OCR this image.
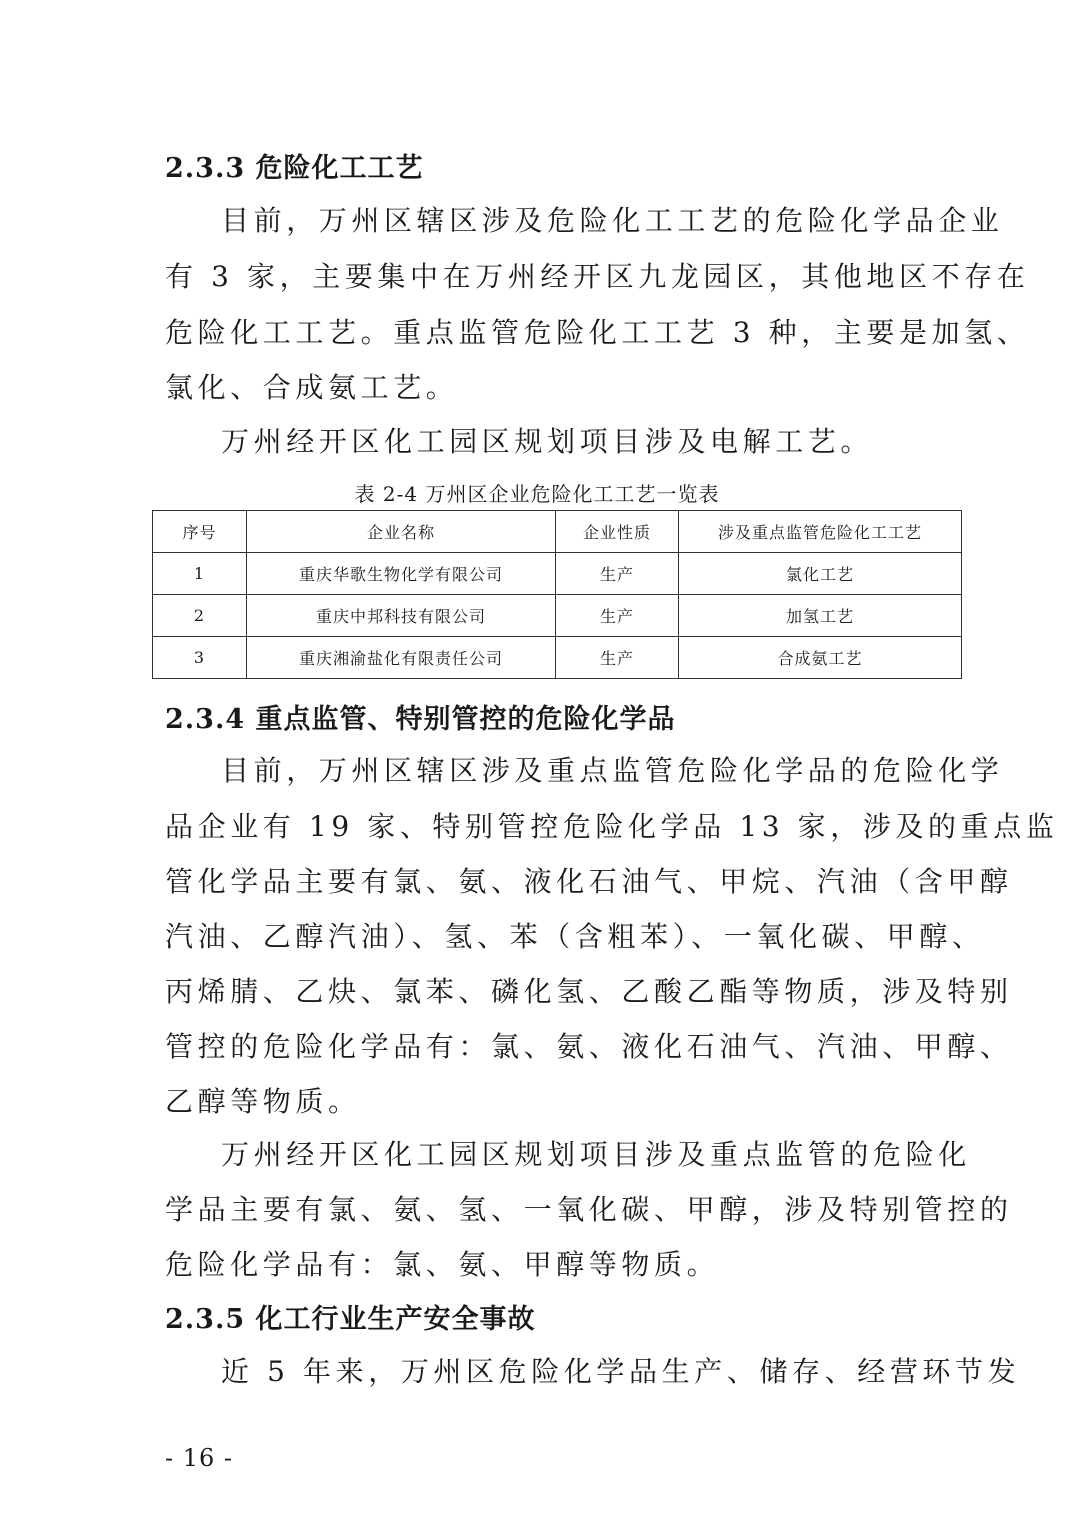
2.3.3 危险化工工艺

目前，万州区辖区涉及危险化工工艺的危险化学品企业

有 3 家，主要集中在万州经开区九龙园区，其他地区不存在

危险化工工艺。重点监管危险化工工艺 3 种，主要是加氢、

氯化、合成氨工艺。

万州经开区化工园区规划项目涉及电解工艺。

表 2-4 万州区企业危险化工工艺一览表

序号	企业名称	企业性质	涉及重点监管危险化工工艺
1	重庆华歌生物化学有限公司	生产	氯化工艺
2	重庆中邦科技有限公司	生产	加氢工艺
3	重庆湘渝盐化有限责任公司	生产	合成氨工艺
2.3.4 重点监管、特别管控的危险化学品

目前，万州区辖区涉及重点监管危险化学品的危险化学

品企业有 19 家、特别管控危险化学品 13 家，涉及的重点监

管化学品主要有氯、氨、液化石油气、甲烷、汽油（含甲醇

汽油、乙醇汽油）、氢、苯（含粗苯）、一氧化碳、甲醇、

丙烯腈、乙炔、氯苯、磷化氢、乙酸乙酯等物质，涉及特别

管控的危险化学品有：氯、氨、液化石油气、汽油、甲醇、

乙醇等物质。

万州经开区化工园区规划项目涉及重点监管的危险化

学品主要有氯、氨、氢、一氧化碳、甲醇，涉及特别管控的

危险化学品有：氯、氨、甲醇等物质。

2.3.5 化工行业生产安全事故

近 5 年来，万州区危险化学品生产、储存、经营环节发

- 16 -
